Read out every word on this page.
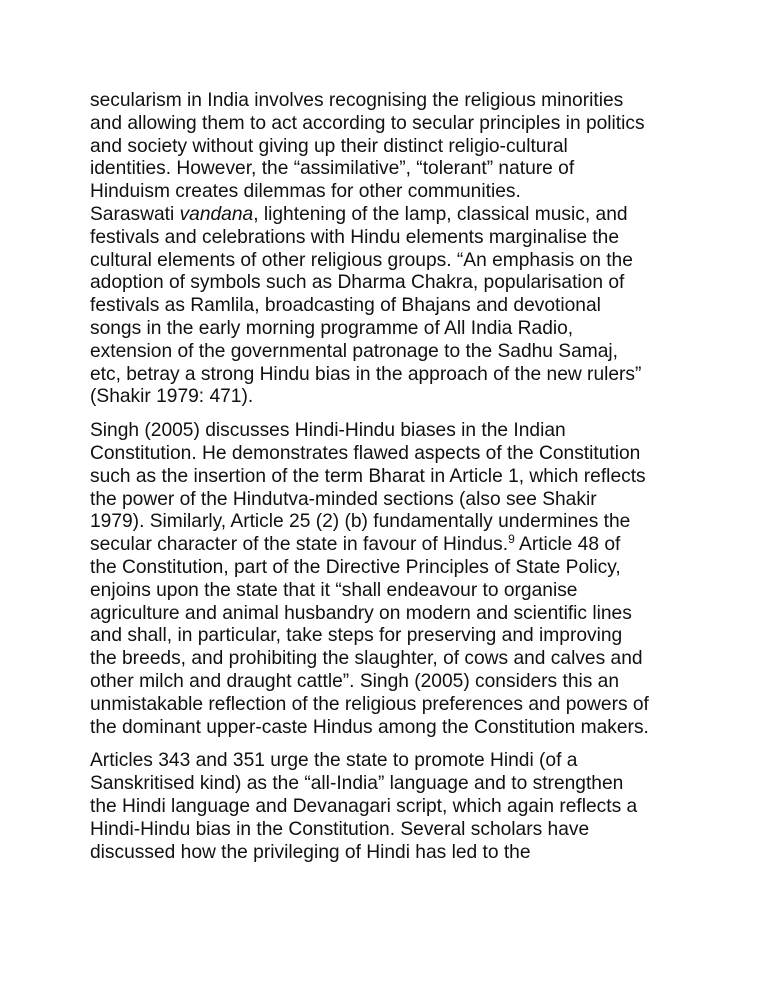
secularism in India involves recognising the religious minorities
and allowing them to act according to secular principles in politics
and society without giving up their distinct religio-cultural
identities. However, the “assimilative”, “tolerant” nature of
Hinduism creates dilemmas for other communities.
Saraswati vandana, lightening of the lamp, classical music, and
festivals and celebrations with Hindu elements marginalise the
cultural elements of other religious groups. “An emphasis on the
adoption of symbols such as Dharma Chakra, popularisation of
festivals as Ramlila, broadcasting of Bhajans and devotional
songs in the early morning programme of All India Radio,
extension of the governmental patronage to the Sadhu Samaj,
etc, betray a strong Hindu bias in the approach of the new rulers”
(Shakir 1979: 471).

Singh (2005) discusses Hindi-Hindu biases in the Indian
Constitution. He demonstrates flawed aspects of the Constitution
such as the insertion of the term Bharat in Article 1, which reflects
the power of the Hindutva-minded sections (also see Shakir
1979). Similarly, Article 25 (2) (b) fundamentally undermines the
secular character of the state in favour of Hindus.$^9$ Article 48 of
the Constitution, part of the Directive Principles of State Policy,
enjoins upon the state that it “shall endeavour to organise
agriculture and animal husbandry on modern and scientific lines
and shall, in particular, take steps for preserving and improving
the breeds, and prohibiting the slaughter, of cows and calves and
other milch and draught cattle”. Singh (2005) considers this an
unmistakable reflection of the religious preferences and powers of
the dominant upper-caste Hindus among the Constitution makers.

Articles 343 and 351 urge the state to promote Hindi (of a
Sanskritised kind) as the “all-India” language and to strengthen
the Hindi language and Devanagari script, which again reflects a
Hindi-Hindu bias in the Constitution. Several scholars have
discussed how the privileging of Hindi has led to the
